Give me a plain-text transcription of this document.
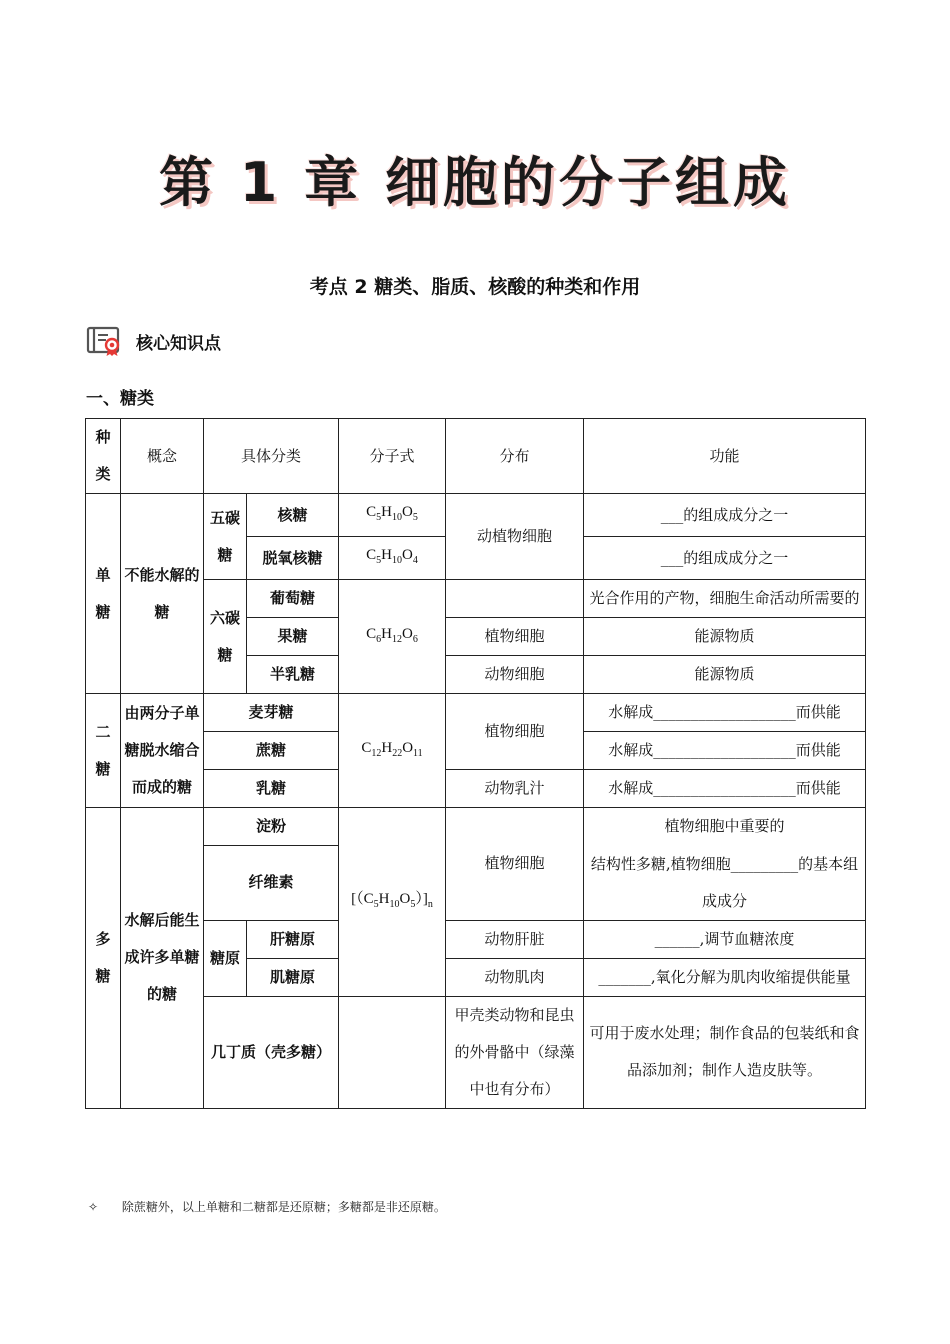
第 1 章 细胞的分子组成
考点 2 糖类、脂质、核酸的种类和作用
核心知识点
一、糖类
种类	概念	具体分类		分子式	分布	功能
单糖	不能水解的糖	五碳糖	核糖	$C_5H_{10}O_5$	动植物细胞	___的组成成分之一
			脱氧核糖	$C_5H_{10}O_4$		___的组成成分之一
		六碳糖	葡萄糖	$C_6H_{12}O_6$		光合作用的产物，细胞生命活动所需要的

			果糖		植物细胞	能源物质
			半乳糖		动物细胞	能源物质
二糖	由两分子单糖脱水缩合而成的糖	麦芽糖		$C_{12}H_{22}O_{11}$	植物细胞	水解成___________________而供能
		蔗糖				水解成___________________而供能
		乳糖			动物乳汁	水解成___________________而供能

多糖	水解后能生成许多单糖的糖	淀粉		$[(C_5H_{10}O_5)]_n$	植物细胞	植物细胞中重要的
		纤维素				结构性多糖,植物细胞_________的基本组成成分

		糖原	肝糖原		动物肝脏	______,调节血糖浓度
			肌糖原		动物肌肉	_______,氧化分解为肌肉收缩提供能量

		几丁质（壳多糖）			甲壳类动物和昆虫的外骨骼中（绿藻中也有分布）	可用于废水处理；制作食品的包装纸和食品添加剂；制作人造皮肤等。

✧ 除蔗糖外，以上单糖和二糖都是还原糖；多糖都是非还原糖。
